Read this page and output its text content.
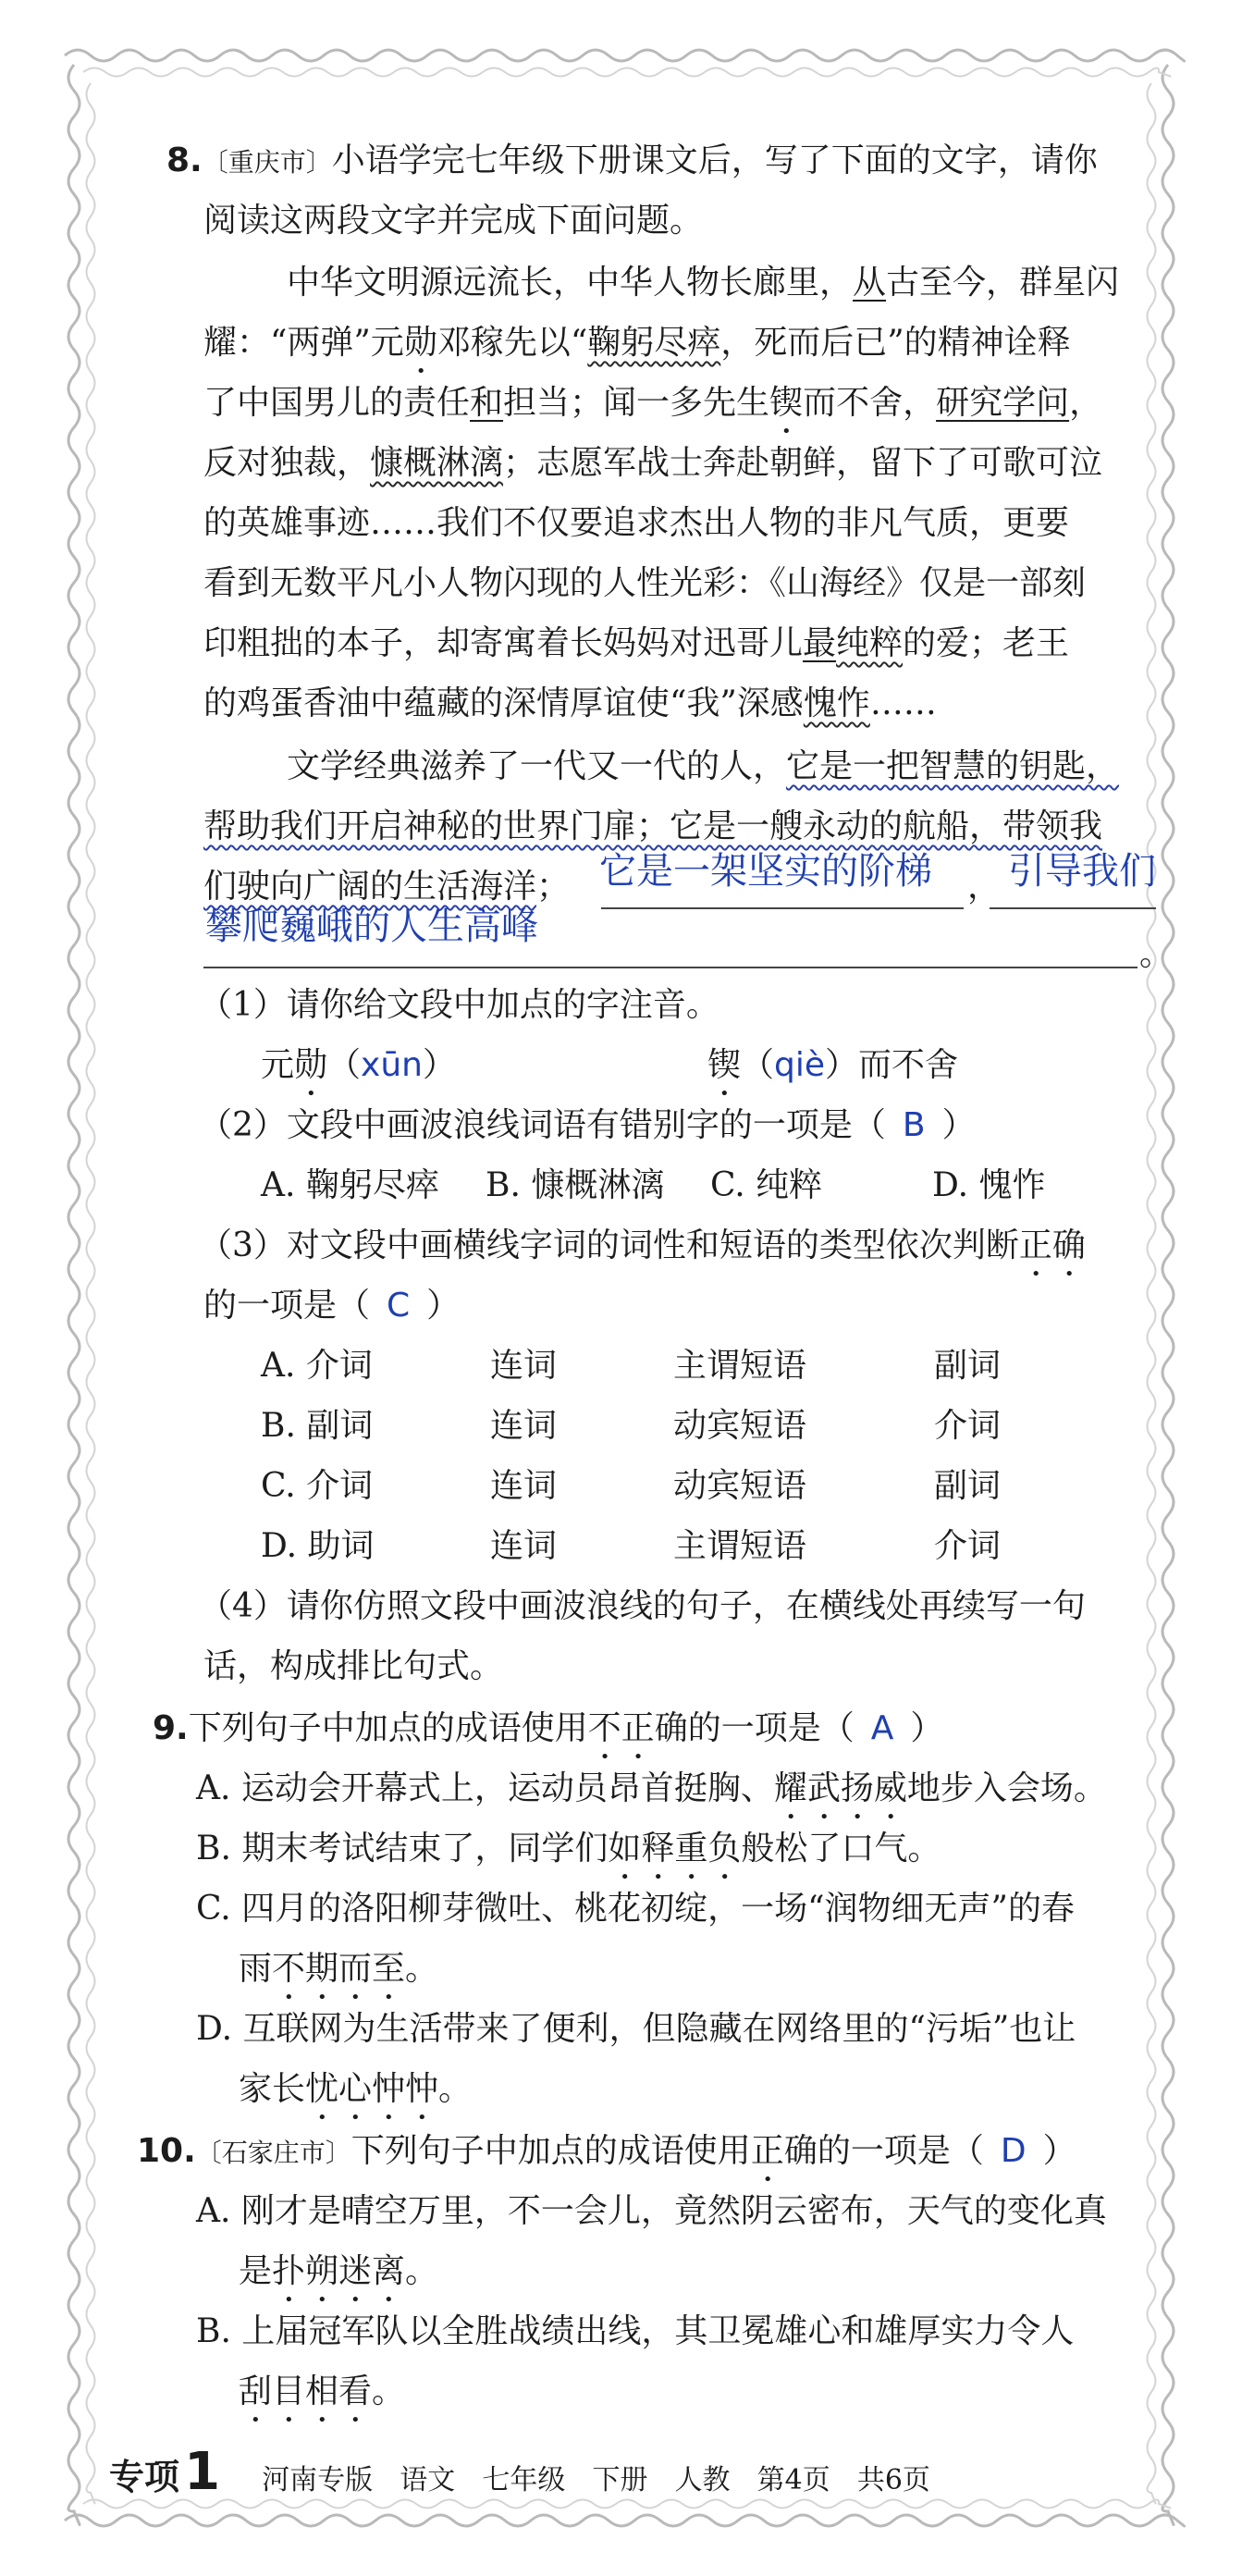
8.〔重庆市〕小语学完七年级下册课文后，写了下面的文字，请你
阅读这两段文字并完成下面问题。
中华文明源远流长，中华人物长廊里，从古至今，群星闪
耀：“两弹”元勋邓稼先以“鞠躬尽瘁，死而后已”的精神诠释
了中国男儿的责任和担当；闻一多先生锲而不舍，研究学问，
反对独裁，慷概淋漓；志愿军战士奔赴朝鲜，留下了可歌可泣
的英雄事迹……我们不仅要追求杰出人物的非凡气质，更要
看到无数平凡小人物闪现的人性光彩：《山海经》仅是一部刻
印粗拙的本子，却寄寓着长妈妈对迅哥儿最纯粹的爱；老王
的鸡蛋香油中蕴藏的深情厚谊使“我”深感愧怍……
文学经典滋养了一代又一代的人，它是一把智慧的钥匙，
帮助我们开启神秘的世界门扉；它是一艘永动的航船，带领我
们驶向广阔的生活海洋； 它是一架坚实的阶梯 ， 引导我们
攀爬巍峨的人生高峰
。
（1）请你给文段中加点的字注音。
元勋（xūn）	锲（qiè）而不舍
（2）文段中画波浪线词语有错别字的一项是（ B ）
A. 鞠躬尽瘁 B. 慷概淋漓 C. 纯粹	D. 愧怍
（3）对文段中画横线字词的词性和短语的类型依次判断正确
的一项是（ C ）
A. 介词	连词	主谓短语	副词
B. 副词	连词	动宾短语	介词
C. 介词	连词	动宾短语	副词
D. 助词	连词	主谓短语	介词
（4）请你仿照文段中画波浪线的句子，在横线处再续写一句
话，构成排比句式。
9.下列句子中加点的成语使用不正确的一项是（ A ）
A. 运动会开幕式上，运动员昂首挺胸、耀武扬威地步入会场。
B. 期末考试结束了，同学们如释重负般松了口气。
C. 四月的洛阳柳芽微吐、桃花初绽，一场“润物细无声”的春
雨不期而至。
D. 互联网为生活带来了便利，但隐藏在网络里的“污垢”也让
家长忧心忡忡。
10.〔石家庄市〕下列句子中加点的成语使用正确的一项是（ D ）
A. 刚才是晴空万里，不一会儿，竟然阴云密布，天气的变化真
是扑朔迷离。
B. 上届冠军队以全胜战绩出线，其卫冕雄心和雄厚实力令人
刮目相看。
专项 1 河南专版 语文 七年级 下册 人教 第4页 共6页
